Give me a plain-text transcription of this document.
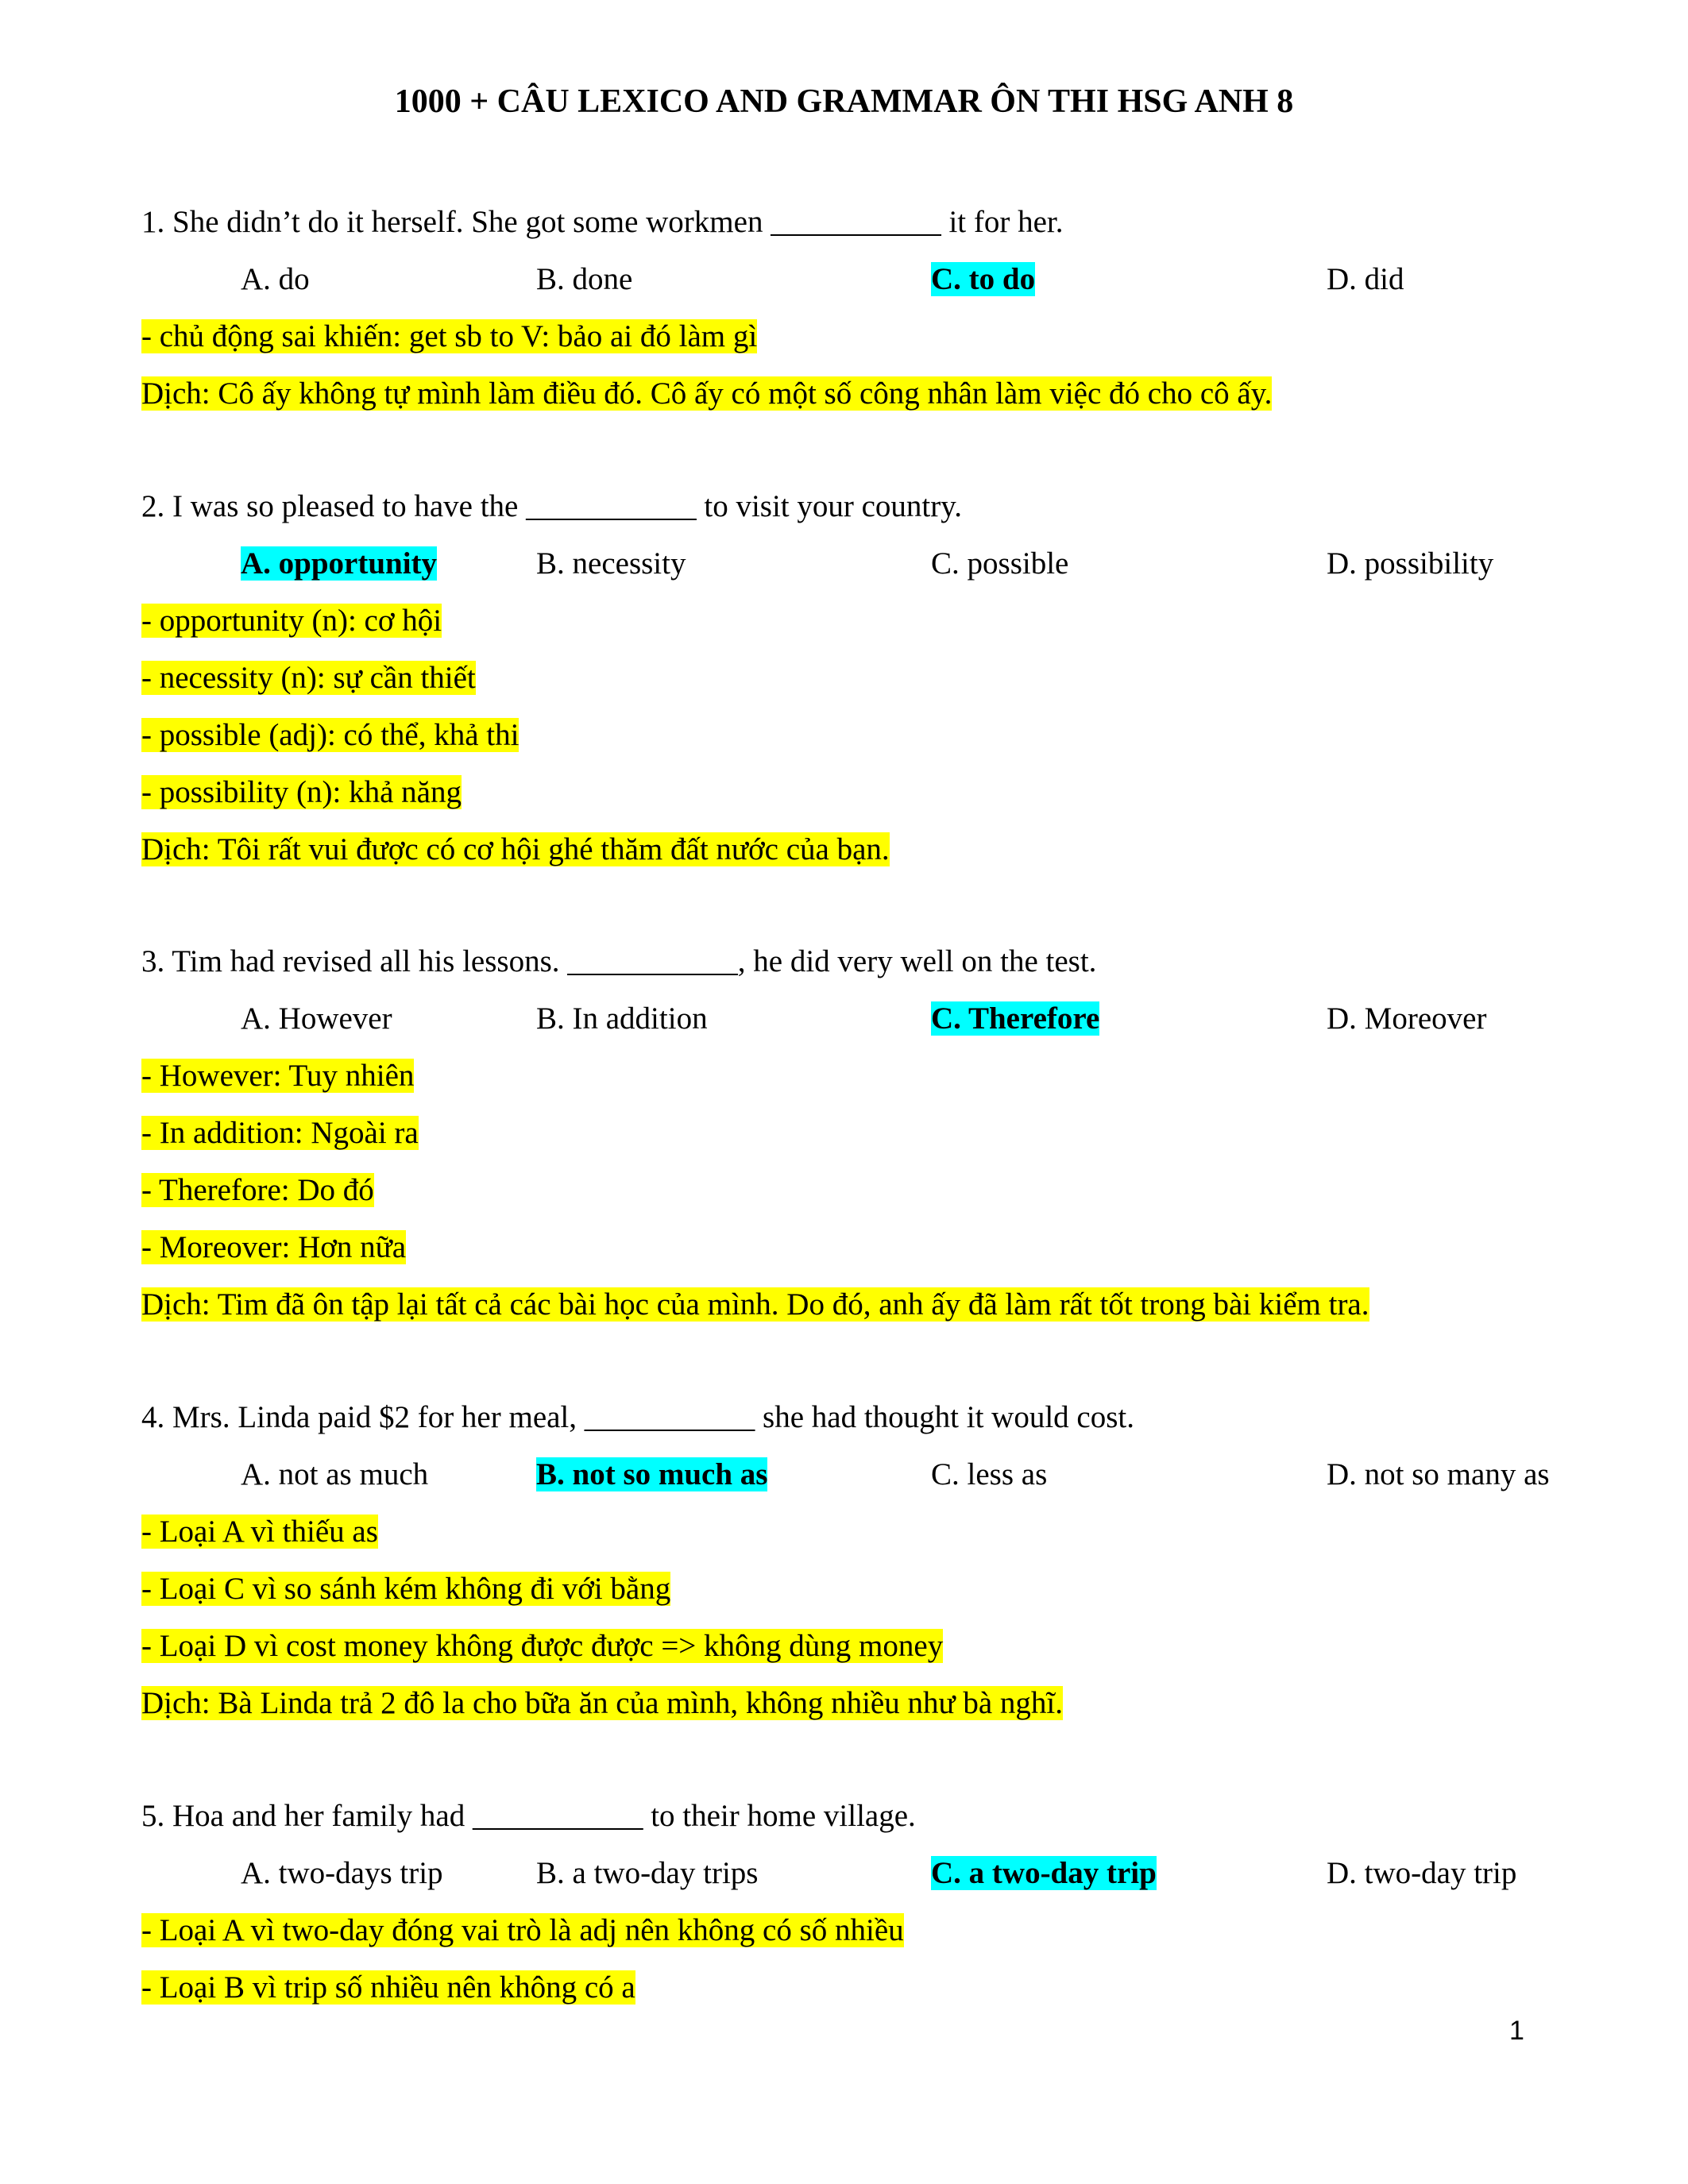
1000 + CÂU LEXICO AND GRAMMAR ÔN THI HSG ANH 8
1. She didn’t do it herself. She got some workmen ___________ it for her.
A. do	B. done	C. to do	D. did
- chủ động sai khiến: get sb to V: bảo ai đó làm gì
Dịch: Cô ấy không tự mình làm điều đó. Cô ấy có một số công nhân làm việc đó cho cô ấy.
2. I was so pleased to have the ___________ to visit your country.
A. opportunity	B. necessity	C. possible	D. possibility
- opportunity (n): cơ hội
- necessity (n): sự cần thiết
- possible (adj): có thể, khả thi
- possibility (n): khả năng
Dịch: Tôi rất vui được có cơ hội ghé thăm đất nước của bạn.
3. Tim had revised all his lessons. ___________, he did very well on the test.
A. However	B. In addition	C. Therefore	D. Moreover
- However: Tuy nhiên
- In addition: Ngoài ra
- Therefore: Do đó
- Moreover: Hơn nữa
Dịch: Tim đã ôn tập lại tất cả các bài học của mình. Do đó, anh ấy đã làm rất tốt trong bài kiểm tra.
4. Mrs. Linda paid $2 for her meal, ___________ she had thought it would cost.
A. not as much	B. not so much as	C. less as	D. not so many as
- Loại A vì thiếu as
- Loại C vì so sánh kém không đi với bằng
- Loại D vì cost money không được được => không dùng money
Dịch: Bà Linda trả 2 đô la cho bữa ăn của mình, không nhiều như bà nghĩ.
5. Hoa and her family had ___________ to their home village.
A. two-days trip	B. a two-day trips	C. a two-day trip	D. two-day trip
- Loại A vì two-day đóng vai trò là adj nên không có số nhiều
- Loại B vì trip số nhiều nên không có a
1
